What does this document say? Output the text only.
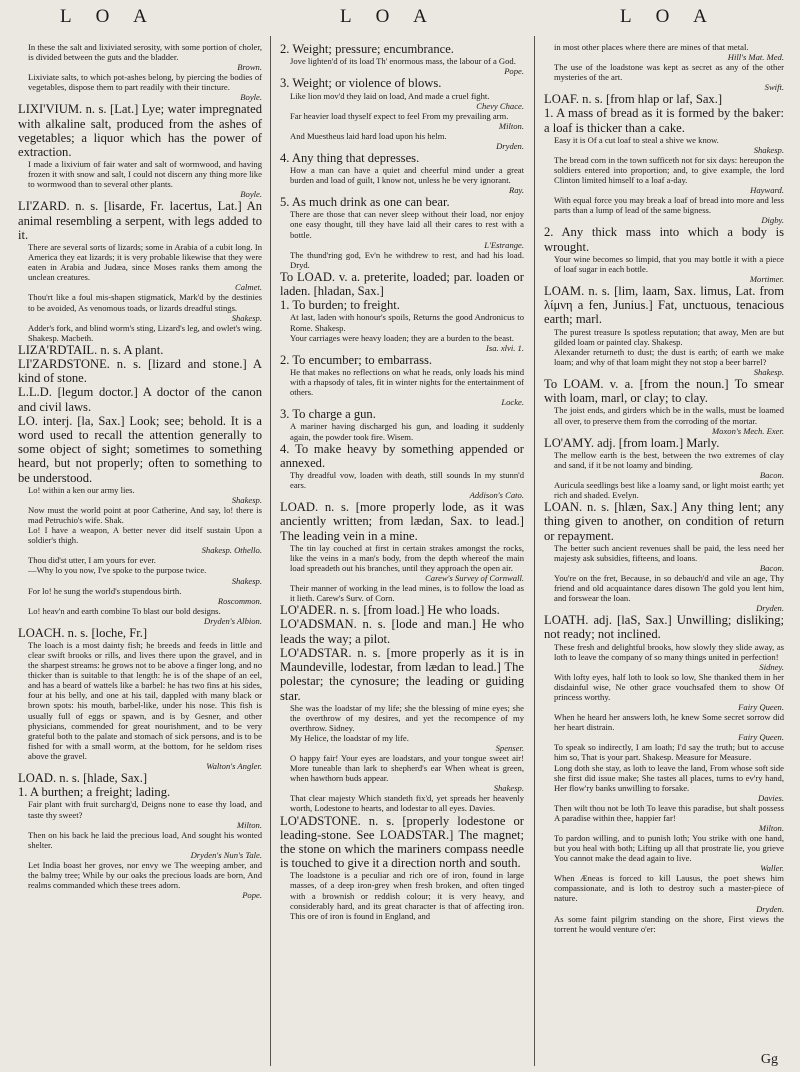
L O A	L O A	L O A

In these the salt and lixiviated serosity, with some portion of choler, is divided between the guts and the bladder.

Brown.

Lixiviate salts, to which pot-ashes belong, by piercing the bodies of vegetables, dispose them to part readily with their tincture.

Boyle.

LIXI'VIUM. n. s. [Lat.] Lye; water impregnated with alkaline salt, produced from the ashes of vegetables; a liquor which has the power of extraction.

I made a lixivium of fair water and salt of wormwood, and having frozen it with snow and salt, I could not discern any thing more like to wormwood than to several other plants.

Boyle.

LI'ZARD. n. s. [lisarde, Fr. lacertus, Lat.] An animal resembling a serpent, with legs added to it.

There are several sorts of lizards; some in Arabia of a cubit long. In America they eat lizards; it is very probable likewise that they were eaten in Arabia and Judæa, since Moses ranks them among the unclean creatures.

Calmet.

Thou'rt like a foul mis-shapen stigmatick, Mark'd by the destinies to be avoided, As venomous toads, or lizards dreadful stings.

Shakesp.

Adder's fork, and blind worm's sting, Lizard's leg, and owlet's wing. Shakesp. Macbeth.

LIZA'RDTAIL. n. s. A plant.

LI'ZARDSTONE. n. s. [lizard and stone.] A kind of stone.

L.L.D. [legum doctor.] A doctor of the canon and civil laws.

LO. interj. [la, Sax.] Look; see; behold. It is a word used to recall the attention generally to some object of sight; sometimes to something heard, but not properly; often to something to be understood.

Lo! within a ken our army lies.

Shakesp.

Now must the world point at poor Catherine, And say, lo! there is mad Petruchio's wife. Shak.

Lo! I have a weapon, A better never did itself sustain Upon a soldier's thigh.

Shakesp. Othello.

Thou did'st utter, I am yours for ever.

—Why lo you now, I've spoke to the purpose twice.

Shakesp.

For lo! he sung the world's stupendous birth.

Roscommon.

Lo! heav'n and earth combine To blast our bold designs.

Dryden's Albion.

LOACH. n. s. [loche, Fr.]

The loach is a most dainty fish; he breeds and feeds in little and clear swift brooks or rills, and lives there upon the gravel, and in the sharpest streams: he grows not to be above a finger long, and no thicker than is suitable to that length: he is of the shape of an eel, and has a beard of wattels like a barbel: he has two fins at his sides, four at his belly, and one at his tail, dappled with many black or brown spots: his mouth, barbel-like, under his nose. This fish is usually full of eggs or spawn, and is by Gesner, and other physicians, commended for great nourishment, and to be very grateful both to the palate and stomach of sick persons, and is to be fished for with a small worm, at the bottom, for he seldom rises above the gravel.

Walton's Angler.

LOAD. n. s. [hlade, Sax.]

1. A burthen; a freight; lading.

Fair plant with fruit surcharg'd, Deigns none to ease thy load, and taste thy sweet?

Milton.

Then on his back he laid the precious load, And sought his wonted shelter.

Dryden's Nun's Tale.

Let India boast her groves, nor envy we The weeping amber, and the balmy tree; While by our oaks the precious loads are born, And realms commanded which these trees adorn.

Pope.

2. Weight; pressure; encumbrance.

Jove lighten'd of its load Th' enormous mass, the labour of a God.

Pope.

3. Weight; or violence of blows.

Like lion mov'd they laid on load, And made a cruel fight.

Chevy Chace.

Far heavier load thyself expect to feel From my prevailing arm.

Milton.

And Muestheus laid hard load upon his helm.

Dryden.

4. Any thing that depresses.

How a man can have a quiet and cheerful mind under a great burden and load of guilt, I know not, unless he be very ignorant.

Ray.

5. As much drink as one can bear.

There are those that can never sleep without their load, nor enjoy one easy thought, till they have laid all their cares to rest with a bottle.

L'Estrange.

The thund'ring god, Ev'n he withdrew to rest, and had his load. Dryd.

To LOAD. v. a. preterite, loaded; par. loaden or laden. [hladan, Sax.]

1. To burden; to freight.

At last, laden with honour's spoils, Returns the good Andronicus to Rome. Shakesp.

Your carriages were heavy loaden; they are a burden to the beast.

Isa. xlvi. 1.

2. To encumber; to embarrass.

He that makes no reflections on what he reads, only loads his mind with a rhapsody of tales, fit in winter nights for the entertainment of others.

Locke.

3. To charge a gun.

A mariner having discharged his gun, and loading it suddenly again, the powder took fire. Wisem.

4. To make heavy by something appended or annexed.

Thy dreadful vow, loaden with death, still sounds In my stunn'd ears.

Addison's Cato.

LOAD. n. s. [more properly lode, as it was anciently written; from lædan, Sax. to lead.] The leading vein in a mine.

The tin lay couched at first in certain strakes amongst the rocks, like the veins in a man's body, from the depth whereof the main load spreadeth out his branches, until they approach the open air.

Carew's Survey of Cornwall.

Their manner of working in the lead mines, is to follow the load as it lieth. Carew's Surv. of Corn.

LO'ADER. n. s. [from load.] He who loads.

LO'ADSMAN. n. s. [lode and man.] He who leads the way; a pilot.

LO'ADSTAR. n. s. [more properly as it is in Maundeville, lodestar, from lædan to lead.] The polestar; the cynosure; the leading or guiding star.

She was the loadstar of my life; she the blessing of mine eyes; she the overthrow of my desires, and yet the recompence of my overthrow. Sidney.

My Helice, the loadstar of my life.

Spenser.

O happy fair! Your eyes are loadstars, and your tongue sweet air! More tuneable than lark to shepherd's ear When wheat is green, when hawthorn buds appear.

Shakesp.

That clear majesty Which standeth fix'd, yet spreads her heavenly worth, Lodestone to hearts, and lodestar to all eyes. Davies.

LO'ADSTONE. n. s. [properly lodestone or leading-stone. See LOADSTAR.] The magnet; the stone on which the mariners compass needle is touched to give it a direction north and south.

The loadstone is a peculiar and rich ore of iron, found in large masses, of a deep iron-grey when fresh broken, and often tinged with a brownish or reddish colour; it is very heavy, and considerably hard, and its great character is that of affecting iron. This ore of iron is found in England, and

in most other places where there are mines of that metal.

Hill's Mat. Med.

The use of the loadstone was kept as secret as any of the other mysteries of the art.

Swift.

LOAF. n. s. [from hlap or laf, Sax.]

1. A mass of bread as it is formed by the baker: a loaf is thicker than a cake.

Easy it is Of a cut loaf to steal a shive we know.

Shakesp.

The bread corn in the town sufficeth not for six days: hereupon the soldiers entered into proportion; and, to give example, the lord Clinton limited himself to a loaf a-day.

Hayward.

With equal force you may break a loaf of bread into more and less parts than a lump of lead of the same bigness.

Digby.

2. Any thick mass into which a body is wrought.

Your wine becomes so limpid, that you may bottle it with a piece of loaf sugar in each bottle.

Mortimer.

LOAM. n. s. [lim, laam, Sax. limus, Lat. from λίμνη a fen, Junius.] Fat, unctuous, tenacious earth; marl.

The purest treasure Is spotless reputation; that away, Men are but gilded loam or painted clay. Shakesp.

Alexander returneth to dust; the dust is earth; of earth we make loam; and why of that loam might they not stop a beer barrel?

Shakesp.

To LOAM. v. a. [from the noun.] To smear with loam, marl, or clay; to clay.

The joist ends, and girders which be in the walls, must be loamed all over, to preserve them from the corroding of the mortar.

Moxon's Mech. Exer.

LO'AMY. adj. [from loam.] Marly.

The mellow earth is the best, between the two extremes of clay and sand, if it be not loamy and binding.

Bacon.

Auricula seedlings best like a loamy sand, or light moist earth; yet rich and shaded. Evelyn.

LOAN. n. s. [hlæn, Sax.] Any thing lent; any thing given to another, on condition of return or repayment.

The better such ancient revenues shall be paid, the less need her majesty ask subsidies, fifteens, and loans.

Bacon.

You're on the fret, Because, in so debauch'd and vile an age, Thy friend and old acquaintance dares disown The gold you lent him, and forswear the loan.

Dryden.

LOATH. adj. [laS, Sax.] Unwilling; disliking; not ready; not inclined.

These fresh and delightful brooks, how slowly they slide away, as loth to leave the company of so many things united in perfection!

Sidney.

With lofty eyes, half loth to look so low, She thanked them in her disdainful wise, Ne other grace vouchsafed them to show Of princess worthy.

Fairy Queen.

When he heard her answers loth, he knew Some secret sorrow did her heart distrain.

Fairy Queen.

To speak so indirectly, I am loath; I'd say the truth; but to accuse him so, That is your part. Shakesp. Measure for Measure.

Long doth she stay, as loth to leave the land, From whose soft side she first did issue make; She tastes all places, turns to ev'ry hand, Her flow'ry banks unwilling to forsake.

Davies.

Then wilt thou not be loth To leave this paradise, but shalt possess A paradise within thee, happier far!

Milton.

To pardon willing, and to punish loth; You strike with one hand, but you heal with both; Lifting up all that prostrate lie, you grieve You cannot make the dead again to live.

Waller.

When Æneas is forced to kill Lausus, the poet shews him compassionate, and is loth to destroy such a master-piece of nature.

Dryden.

As some faint pilgrim standing on the shore, First views the torrent he would venture o'er:

Gg
